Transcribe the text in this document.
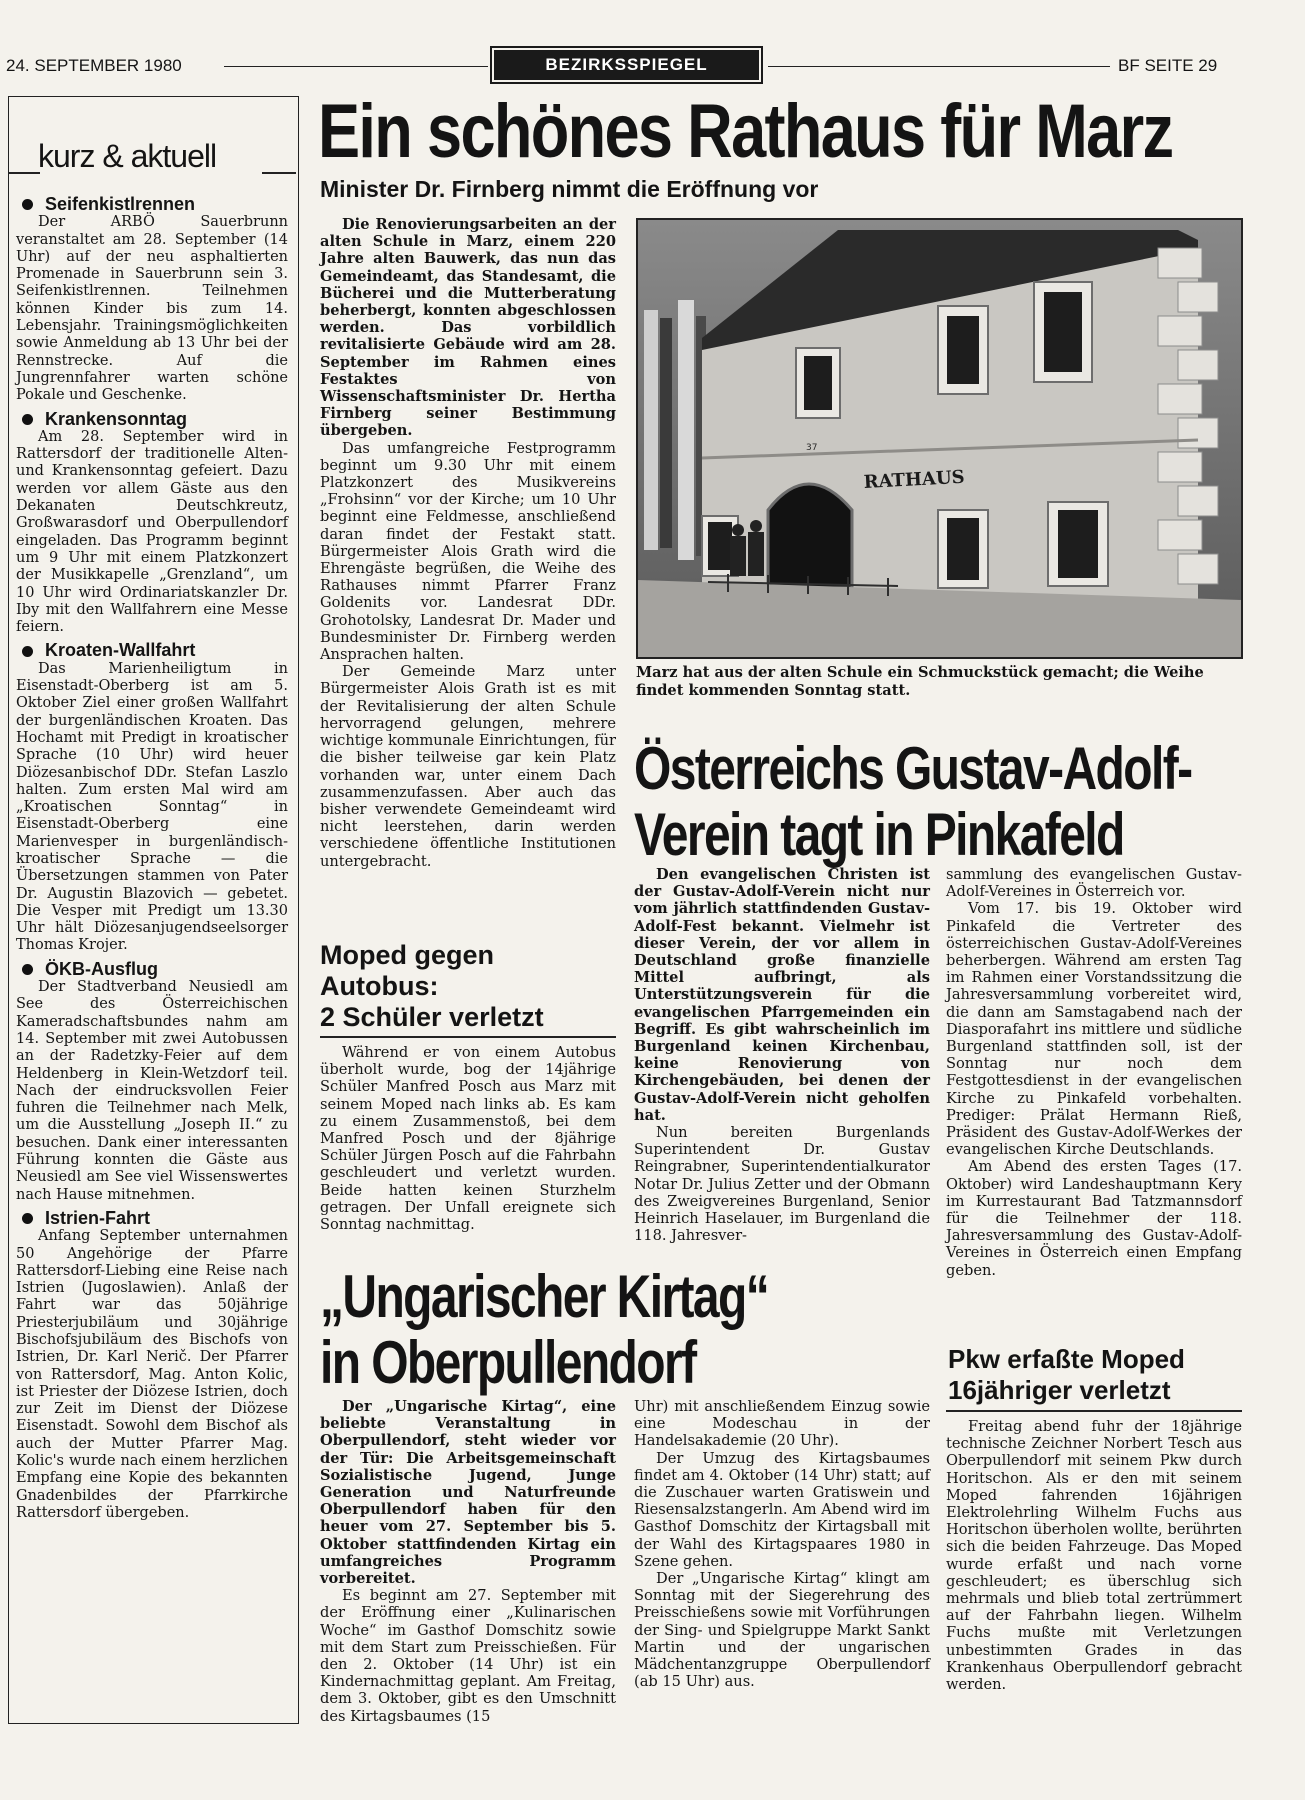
24. SEPTEMBER 1980	BEZIRKSSPIEGEL	BF SEITE 29
kurz & aktuell
Seifenkistlrennen

Der ARBÖ Sauerbrunn veranstaltet am 28. September (14 Uhr) auf der neu asphaltierten Promenade in Sauerbrunn sein 3. Seifenkistlrennen. Teilnehmen können Kinder bis zum 14. Lebensjahr. Trainingsmöglichkeiten sowie Anmeldung ab 13 Uhr bei der Rennstrecke. Auf die Jungrennfahrer warten schöne Pokale und Geschenke.

Krankensonntag

Am 28. September wird in Rattersdorf der traditionelle Alten- und Krankensonntag gefeiert. Dazu werden vor allem Gäste aus den Dekanaten Deutschkreutz, Großwarasdorf und Oberpullendorf eingeladen. Das Programm beginnt um 9 Uhr mit einem Platzkonzert der Musikkapelle „Grenzland“, um 10 Uhr wird Ordinariatskanzler Dr. Iby mit den Wallfahrern eine Messe feiern.

Kroaten-Wallfahrt

Das Marienheiligtum in Eisenstadt-Oberberg ist am 5. Oktober Ziel einer großen Wallfahrt der burgenländischen Kroaten. Das Hochamt mit Predigt in kroatischer Sprache (10 Uhr) wird heuer Diözesanbischof DDr. Stefan Laszlo halten. Zum ersten Mal wird am „Kroatischen Sonntag“ in Eisenstadt-Oberberg eine Marienvesper in burgenländisch-kroatischer Sprache — die Übersetzungen stammen von Pater Dr. Augustin Blazovich — gebetet. Die Vesper mit Predigt um 13.30 Uhr hält Diözesanjugendseelsorger Thomas Krojer.

ÖKB-Ausflug

Der Stadtverband Neusiedl am See des Österreichischen Kameradschaftsbundes nahm am 14. September mit zwei Autobussen an der Radetzky-Feier auf dem Heldenberg in Klein-Wetzdorf teil. Nach der eindrucksvollen Feier fuhren die Teilnehmer nach Melk, um die Ausstellung „Joseph II.“ zu besuchen. Dank einer interessanten Führung konnten die Gäste aus Neusiedl am See viel Wissenswertes nach Hause mitnehmen.

Istrien-Fahrt

Anfang September unternahmen 50 Angehörige der Pfarre Rattersdorf-Liebing eine Reise nach Istrien (Jugoslawien). Anlaß der Fahrt war das 50jährige Priesterjubiläum und 30jährige Bischofsjubiläum des Bischofs von Istrien, Dr. Karl Nerič. Der Pfarrer von Rattersdorf, Mag. Anton Kolic, ist Priester der Diözese Istrien, doch zur Zeit im Dienst der Diözese Eisenstadt. Sowohl dem Bischof als auch der Mutter Pfarrer Mag. Kolic's wurde nach einem herzlichen Empfang eine Kopie des bekannten Gnadenbildes der Pfarrkirche Rattersdorf übergeben.

Ein schönes Rathaus für Marz
Minister Dr. Firnberg nimmt die Eröffnung vor

Die Renovierungsarbeiten an der alten Schule in Marz, einem 220 Jahre alten Bauwerk, das nun das Gemeindeamt, das Standesamt, die Bücherei und die Mutterberatung beherbergt, konnten abgeschlossen werden. Das vorbildlich revitalisierte Gebäude wird am 28. September im Rahmen eines Festaktes von Wissenschaftsminister Dr. Hertha Firnberg seiner Bestimmung übergeben.

Das umfangreiche Festprogramm beginnt um 9.30 Uhr mit einem Platzkonzert des Musikvereins „Frohsinn“ vor der Kirche; um 10 Uhr beginnt eine Feldmesse, anschließend daran findet der Festakt statt. Bürgermeister Alois Grath wird die Ehrengäste begrüßen, die Weihe des Rathauses nimmt Pfarrer Franz Goldenits vor. Landesrat DDr. Grohotolsky, Landesrat Dr. Mader und Bundesminister Dr. Firnberg werden Ansprachen halten.

Der Gemeinde Marz unter Bürgermeister Alois Grath ist es mit der Revitalisierung der alten Schule hervorragend gelungen, mehrere wichtige kommunale Einrichtungen, für die bisher teilweise gar kein Platz vorhanden war, unter einem Dach zusammenzufassen. Aber auch das bisher verwendete Gemeindeamt wird nicht leerstehen, darin werden verschiedene öffentliche Institutionen untergebracht.

RATHAUS
37
Marz hat aus der alten Schule ein Schmuckstück gemacht; die Weihe findet kommenden Sonntag statt.
Österreichs Gustav-Adolf-
Verein tagt in Pinkafeld

Den evangelischen Christen ist der Gustav-Adolf-Verein nicht nur vom jährlich stattfindenden Gustav-Adolf-Fest bekannt. Vielmehr ist dieser Verein, der vor allem in Deutschland große finanzielle Mittel aufbringt, als Unterstützungsverein für die evangelischen Pfarrgemeinden ein Begriff. Es gibt wahrscheinlich im Burgenland keinen Kirchenbau, keine Renovierung von Kirchengebäuden, bei denen der Gustav-Adolf-Verein nicht geholfen hat.

Nun bereiten Burgenlands Superintendent Dr. Gustav Reingrabner, Superintendentialkurator Notar Dr. Julius Zetter und der Obmann des Zweigvereines Burgenland, Senior Heinrich Haselauer, im Burgenland die 118. Jahresver-

sammlung des evangelischen Gustav-Adolf-Vereines in Österreich vor.

Vom 17. bis 19. Oktober wird Pinkafeld die Vertreter des österreichischen Gustav-Adolf-Vereines beherbergen. Während am ersten Tag im Rahmen einer Vorstandssitzung die Jahresversammlung vorbereitet wird, die dann am Samstagabend nach der Diasporafahrt ins mittlere und südliche Burgenland stattfinden soll, ist der Sonntag nur noch dem Festgottesdienst in der evangelischen Kirche zu Pinkafeld vorbehalten. Prediger: Prälat Hermann Rieß, Präsident des Gustav-Adolf-Werkes der evangelischen Kirche Deutschlands.

Am Abend des ersten Tages (17. Oktober) wird Landeshauptmann Kery im Kurrestaurant Bad Tatzmannsdorf für die Teilnehmer der 118. Jahresversammlung des Gustav-Adolf-Vereines in Österreich einen Empfang geben.

Moped gegen
Autobus:
2 Schüler verletzt

Während er von einem Autobus überholt wurde, bog der 14jährige Schüler Manfred Posch aus Marz mit seinem Moped nach links ab. Es kam zu einem Zusammenstoß, bei dem Manfred Posch und der 8jährige Schüler Jürgen Posch auf die Fahrbahn geschleudert und verletzt wurden. Beide hatten keinen Sturzhelm getragen. Der Unfall ereignete sich Sonntag nachmittag.

„Ungarischer Kirtag“
in Oberpullendorf

Der „Ungarische Kirtag“, eine beliebte Veranstaltung in Oberpullendorf, steht wieder vor der Tür: Die Arbeitsgemeinschaft Sozialistische Jugend, Junge Generation und Naturfreunde Oberpullendorf haben für den heuer vom 27. September bis 5. Oktober stattfindenden Kirtag ein umfangreiches Programm vorbereitet.

Es beginnt am 27. September mit der Eröffnung einer „Kulinarischen Woche“ im Gasthof Domschitz sowie mit dem Start zum Preisschießen. Für den 2. Oktober (14 Uhr) ist ein Kindernachmittag geplant. Am Freitag, dem 3. Oktober, gibt es den Umschnitt des Kirtagsbaumes (15

Uhr) mit anschließendem Einzug sowie eine Modeschau in der Handelsakademie (20 Uhr).

Der Umzug des Kirtagsbaumes findet am 4. Oktober (14 Uhr) statt; auf die Zuschauer warten Gratiswein und Riesensalzstangerln. Am Abend wird im Gasthof Domschitz der Kirtagsball mit der Wahl des Kirtagspaares 1980 in Szene gehen.

Der „Ungarische Kirtag“ klingt am Sonntag mit der Siegerehrung des Preisschießens sowie mit Vorführungen der Sing- und Spielgruppe Markt Sankt Martin und der ungarischen Mädchentanzgruppe Oberpullendorf (ab 15 Uhr) aus.

Pkw erfaßte Moped
16jähriger verletzt

Freitag abend fuhr der 18jährige technische Zeichner Norbert Tesch aus Oberpullendorf mit seinem Pkw durch Horitschon. Als er den mit seinem Moped fahrenden 16jährigen Elektrolehrling Wilhelm Fuchs aus Horitschon überholen wollte, berührten sich die beiden Fahrzeuge. Das Moped wurde erfaßt und nach vorne geschleudert; es überschlug sich mehrmals und blieb total zertrümmert auf der Fahrbahn liegen. Wilhelm Fuchs mußte mit Verletzungen unbestimmten Grades in das Krankenhaus Oberpullendorf gebracht werden.
